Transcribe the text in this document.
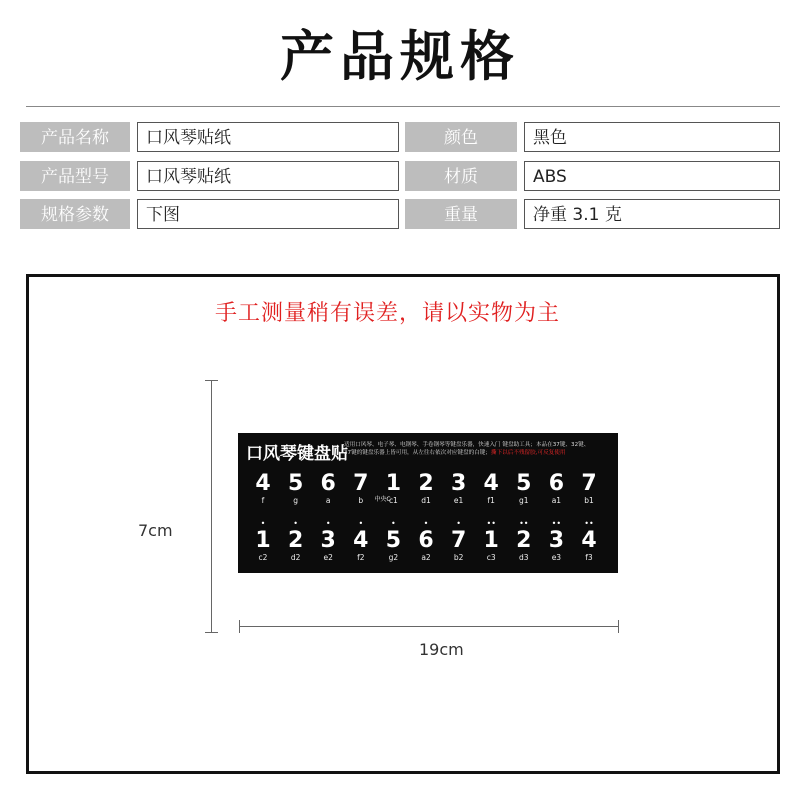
产品规格
产品名称	口风琴贴纸	颜色	黑色
产品型号	口风琴贴纸	材质	ABS
规格参数	下图	重量	净重 3.1 克
手工测量稍有误差，请以实物为主
7cm
19cm
口风琴键盘贴
适用口风琴、电子琴、电钢琴、手卷钢琴等键盘乐器，快速入门 键盘助工具；本品在37键、32键、
27键的键盘乐器上皆可用，从左往右依次对应键盘的白键；撕下以后不残留胶,可反复使用
4
f
5
g
6
a
7
b
1
c1
2
d1
3
e1
4
f1
5
g1
6
a1
7
b1
•
1
c2
•
2
d2
•
3
e2
•
4
f2
•
5
g2
•
6
a2
•
7
b2
••
1
c3
••
2
d3
••
3
e3
••
4
f3
中央C
